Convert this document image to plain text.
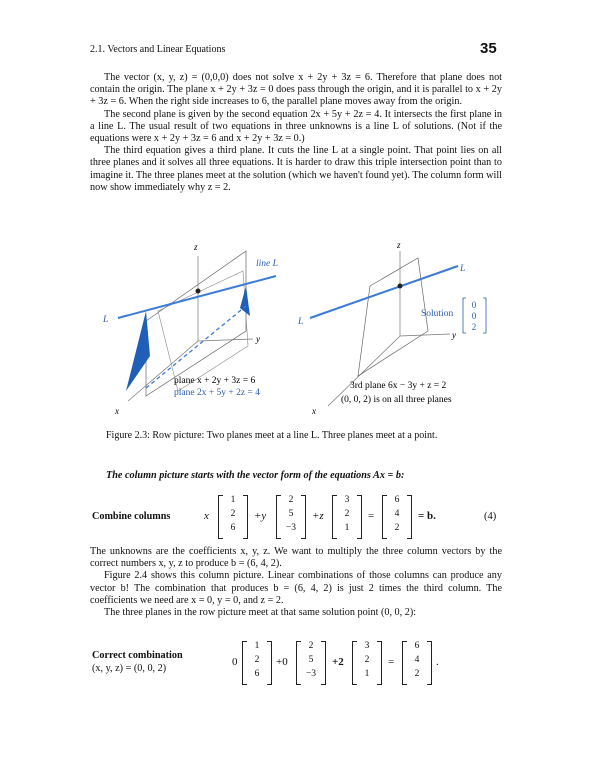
2.1. Vectors and Linear Equations	35

The vector (x, y, z) = (0,0,0) does not solve x + 2y + 3z = 6. Therefore that plane does not contain the origin. The plane x + 2y + 3z = 0 does pass through the origin, and it is parallel to x + 2y + 3z = 6. When the right side increases to 6, the parallel plane moves away from the origin.

The second plane is given by the second equation 2x + 5y + 2z = 4. It intersects the first plane in a line L. The usual result of two equations in three unknowns is a line L of solutions. (Not if the equations were x + 2y + 3z = 6 and x + 2y + 3z = 0.)

The third equation gives a third plane. It cuts the line L at a single point. That point lies on all three planes and it solves all three equations. It is harder to draw this triple intersection point than to imagine it. The three planes meet at the solution (which we haven't found yet). The column form will now show immediately why z = 2.

z
y
x
line L
L
plane x + 2y + 3z = 6
plane 2x + 5y + 2z = 4
z
y
x
L
L
Solution
0
0
2
3rd plane 6x − 3y + z = 2
(0, 0, 2) is on all three planes
Figure 2.3: Row picture: Two planes meet at a line L. Three planes meet at a point.
The column picture starts with the vector form of the equations Ax = b:
Combine columns	x
1
2
6
+y
2
5
−3
+z
3
2
1
=
6
4
2
= b.	(4)

The unknowns are the coefficients x, y, z. We want to multiply the three column vectors by the correct numbers x, y, z to produce b = (6, 4, 2).

Figure 2.4 shows this column picture. Linear combinations of those columns can produce any vector b! The combination that produces b = (6, 4, 2) is just 2 times the third column. The coefficients we need are x = 0, y = 0, and z = 2.

The three planes in the row picture meet at that same solution point (0, 0, 2):

Correct combination
(x, y, z) = (0, 0, 2)
0
1
2
6
+0
2
5
−3
+2
3
2
1
=
6
4
2
.
